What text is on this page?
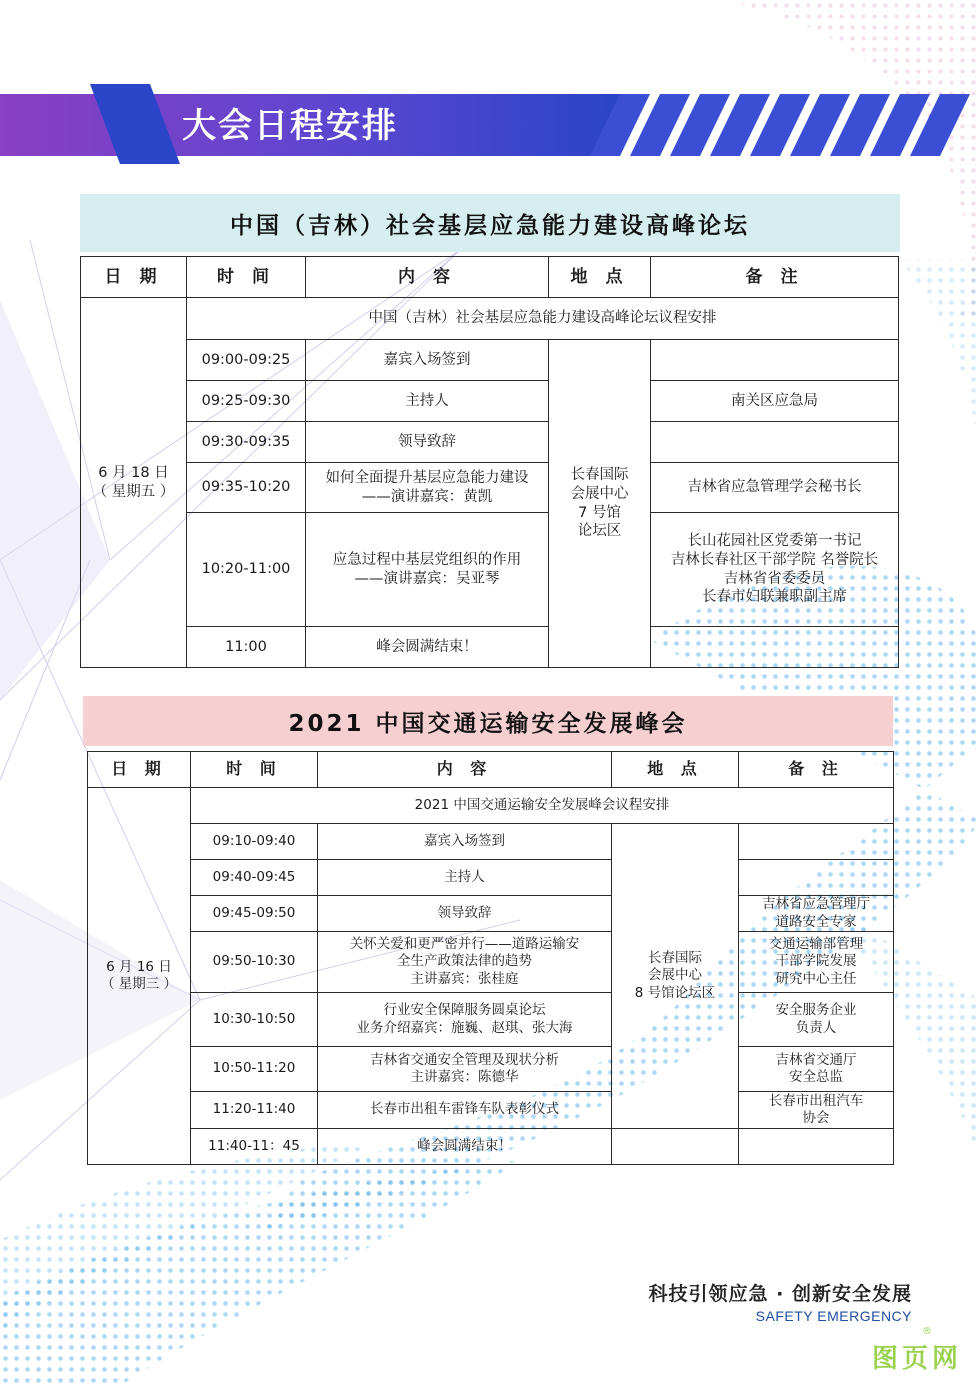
大会日程安排
中国（吉林）社会基层应急能力建设高峰论坛
日 期	时 间	内 容	地 点	备 注

6 月 18 日
（ 星期五 ）	中国（吉林）社会基层应急能力建设高峰论坛议程安排			
	09:00-09:25	嘉宾入场签到	长春国际
会展中心
7 号馆
论坛区	
	09:25-09:30	主持人		南关区应急局
	09:30-09:35	领导致辞		
	09:35-10:20	如何全面提升基层应急能力建设
——演讲嘉宾：黄凯		吉林省应急管理学会秘书长
	10:20-11:00	应急过程中基层党组织的作用
——演讲嘉宾：吴亚琴		长山花园社区党委第一书记
吉林长春社区干部学院 名誉院长
吉林省省委委员
长春市妇联兼职副主席
	11:00	峰会圆满结束！		
2021 中国交通运输安全发展峰会
日 期	时 间	内 容	地 点	备 注

6 月 16 日
（ 星期三 ）	2021 中国交通运输安全发展峰会议程安排			
	09:10-09:40	嘉宾入场签到	长春国际
会展中心
8 号馆论坛区	
	09:40-09:45	主持人		
	09:45-09:50	领导致辞		吉林省应急管理厅
道路安全专家
	09:50-10:30	关怀关爱和更严密并行——道路运输安
全生产政策法律的趋势
主讲嘉宾：张桂庭		交通运输部管理
干部学院发展
研究中心主任
	10:30-10:50	行业安全保障服务圆桌论坛
业务介绍嘉宾：施巍、赵琪、张大海		安全服务企业
负责人
	10:50-11:20	吉林省交通安全管理及现状分析
主讲嘉宾：陈德华		吉林省交通厅
安全总监
	11:20-11:40	长春市出租车雷锋车队表彰仪式		长春市出租汽车
协会
	11:40-11：45	峰会圆满结束！		
科技引领应急 · 创新安全发展
SAFETY EMERGENCY
®
图页网
